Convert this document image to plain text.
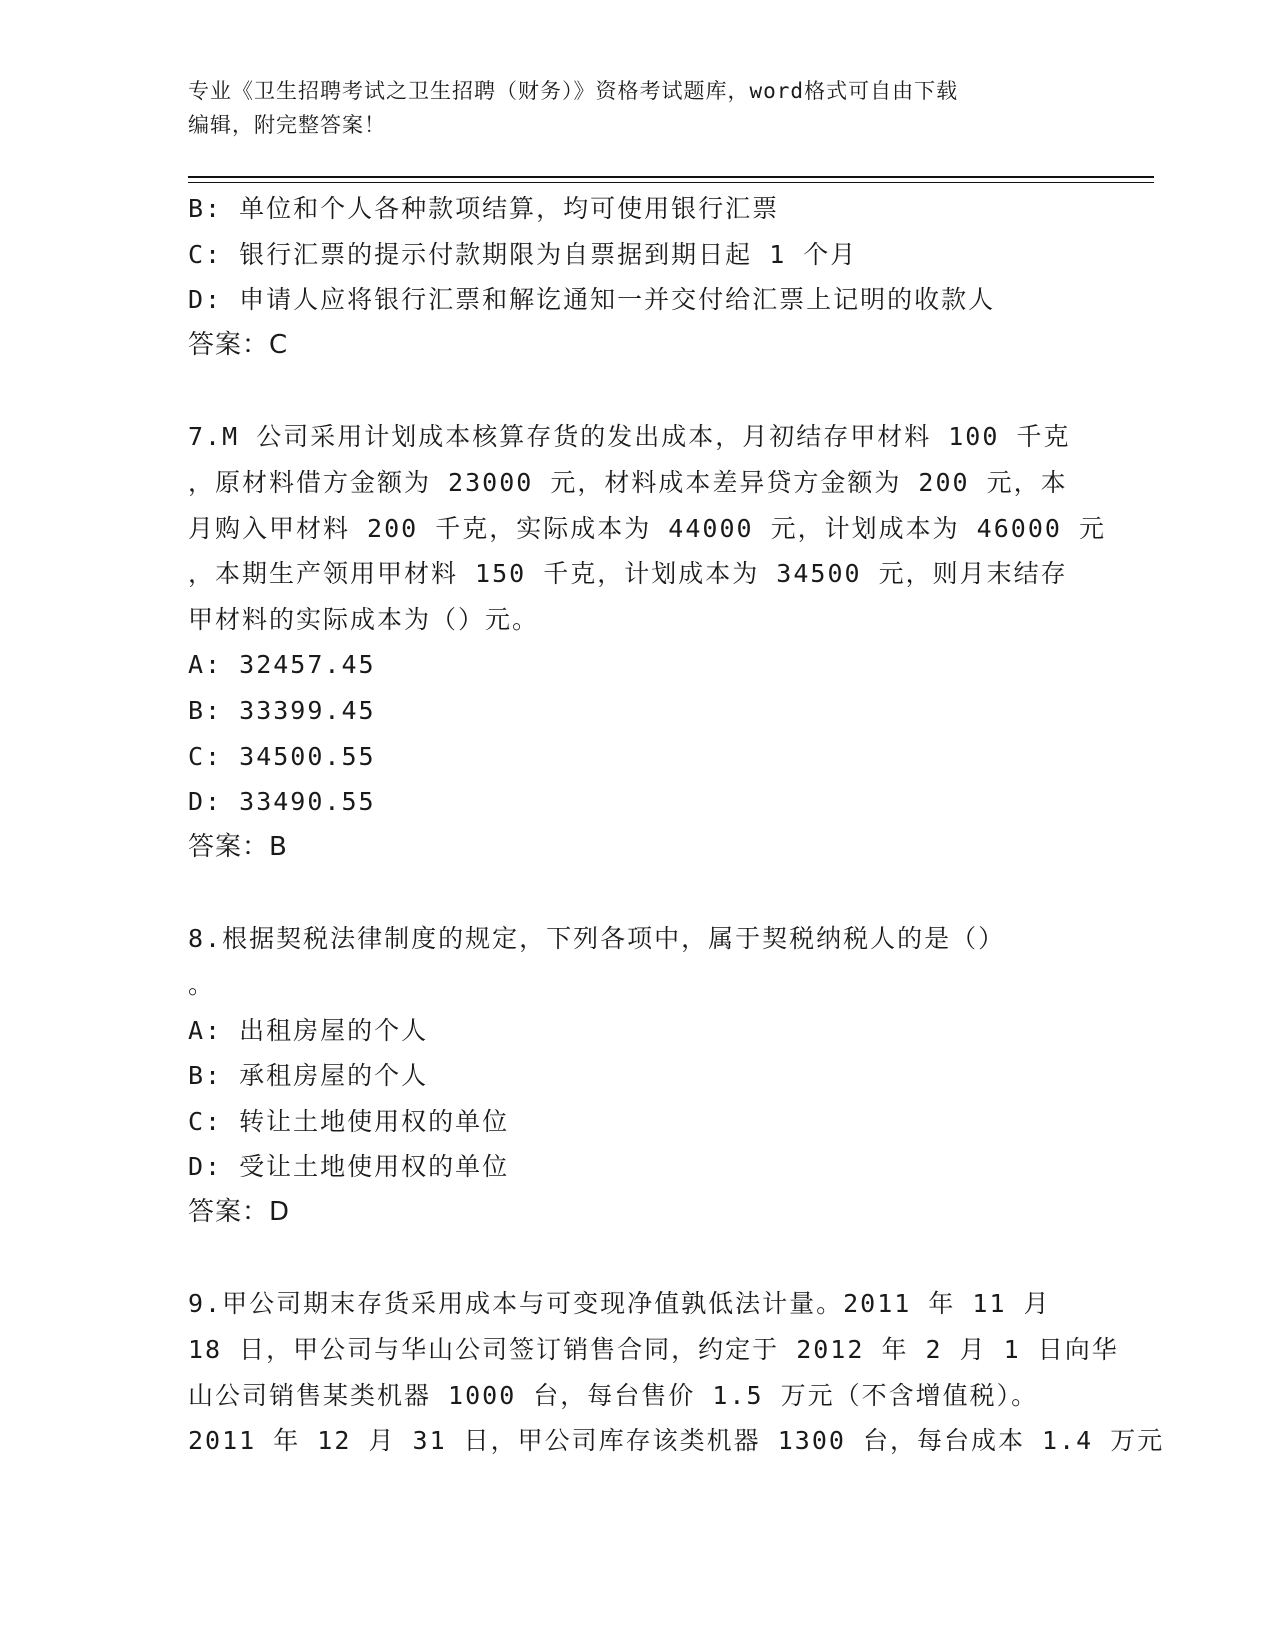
专业《卫生招聘考试之卫生招聘（财务）》资格考试题库，word格式可自由下载
编辑，附完整答案！
B: 单位和个人各种款项结算，均可使用银行汇票
C: 银行汇票的提示付款期限为自票据到期日起 1 个月
D: 申请人应将银行汇票和解讫通知一并交付给汇票上记明的收款人
答案：C
7.M 公司采用计划成本核算存货的发出成本，月初结存甲材料 100 千克
，原材料借方金额为 23000 元，材料成本差异贷方金额为 200 元，本
月购入甲材料 200 千克，实际成本为 44000 元，计划成本为 46000 元
，本期生产领用甲材料 150 千克，计划成本为 34500 元，则月末结存
甲材料的实际成本为（）元。
A: 32457.45
B: 33399.45
C: 34500.55
D: 33490.55
答案：B
8.根据契税法律制度的规定，下列各项中，属于契税纳税人的是（）
。
A: 出租房屋的个人
B: 承租房屋的个人
C: 转让土地使用权的单位
D: 受让土地使用权的单位
答案：D
9.甲公司期末存货采用成本与可变现净值孰低法计量。2011 年 11 月
18 日，甲公司与华山公司签订销售合同，约定于 2012 年 2 月 1 日向华
山公司销售某类机器 1000 台，每台售价 1.5 万元（不含增值税）。
2011 年 12 月 31 日，甲公司库存该类机器 1300 台，每台成本 1.4 万元
